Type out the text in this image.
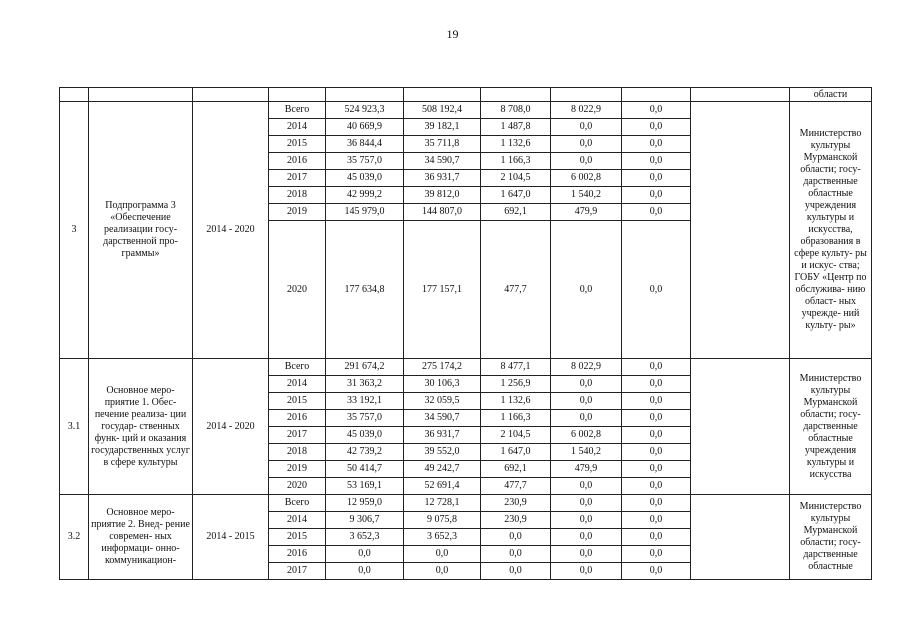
19
										области
3	Подпрограмма 3 «Обеспечение реализации госу- дарственной про- граммы»	2014 - 2020	Всего	524 923,3	508 192,4	8 708,0	8 022,9	0,0		Министерство культуры Мурманской области; госу- дарственные областные учреждения культуры и искусства, образования в сфере культу- ры и искус- ства; ГОБУ «Центр по обслужива- нию област- ных учрежде- ний культу- ры»
			2014	40 669,9	39 182,1	1 487,8	0,0	0,0		
			2015	36 844,4	35 711,8	1 132,6	0,0	0,0		
			2016	35 757,0	34 590,7	1 166,3	0,0	0,0		
			2017	45 039,0	36 931,7	2 104,5	6 002,8	0,0		
			2018	42 999,2	39 812,0	1 647,0	1 540,2	0,0		
			2019	145 979,0	144 807,0	692,1	479,9	0,0		
			2020	177 634,8	177 157,1	477,7	0,0	0,0		
3.1	Основное меро- приятие 1. Обес- печение реализа- ции государ- ственных функ- ций и оказания государственных услуг в сфере культуры	2014 - 2020	Всего	291 674,2	275 174,2	8 477,1	8 022,9	0,0		Министерство культуры Мурманской области; госу- дарственные областные учреждения культуры и искусства
			2014	31 363,2	30 106,3	1 256,9	0,0	0,0		
			2015	33 192,1	32 059,5	1 132,6	0,0	0,0		
			2016	35 757,0	34 590,7	1 166,3	0,0	0,0		
			2017	45 039,0	36 931,7	2 104,5	6 002,8	0,0		
			2018	42 739,2	39 552,0	1 647,0	1 540,2	0,0		
			2019	50 414,7	49 242,7	692,1	479,9	0,0		
			2020	53 169,1	52 691,4	477,7	0,0	0,0		
3.2	Основное меро- приятие 2. Внед- рение современ- ных информаци- онно- коммуникацион-	2014 - 2015	Всего	12 959,0	12 728,1	230,9	0,0	0,0		Министерство культуры Мурманской области; госу- дарственные областные
			2014	9 306,7	9 075,8	230,9	0,0	0,0		
			2015	3 652,3	3 652,3	0,0	0,0	0,0		
			2016	0,0	0,0	0,0	0,0	0,0		
			2017	0,0	0,0	0,0	0,0	0,0		
